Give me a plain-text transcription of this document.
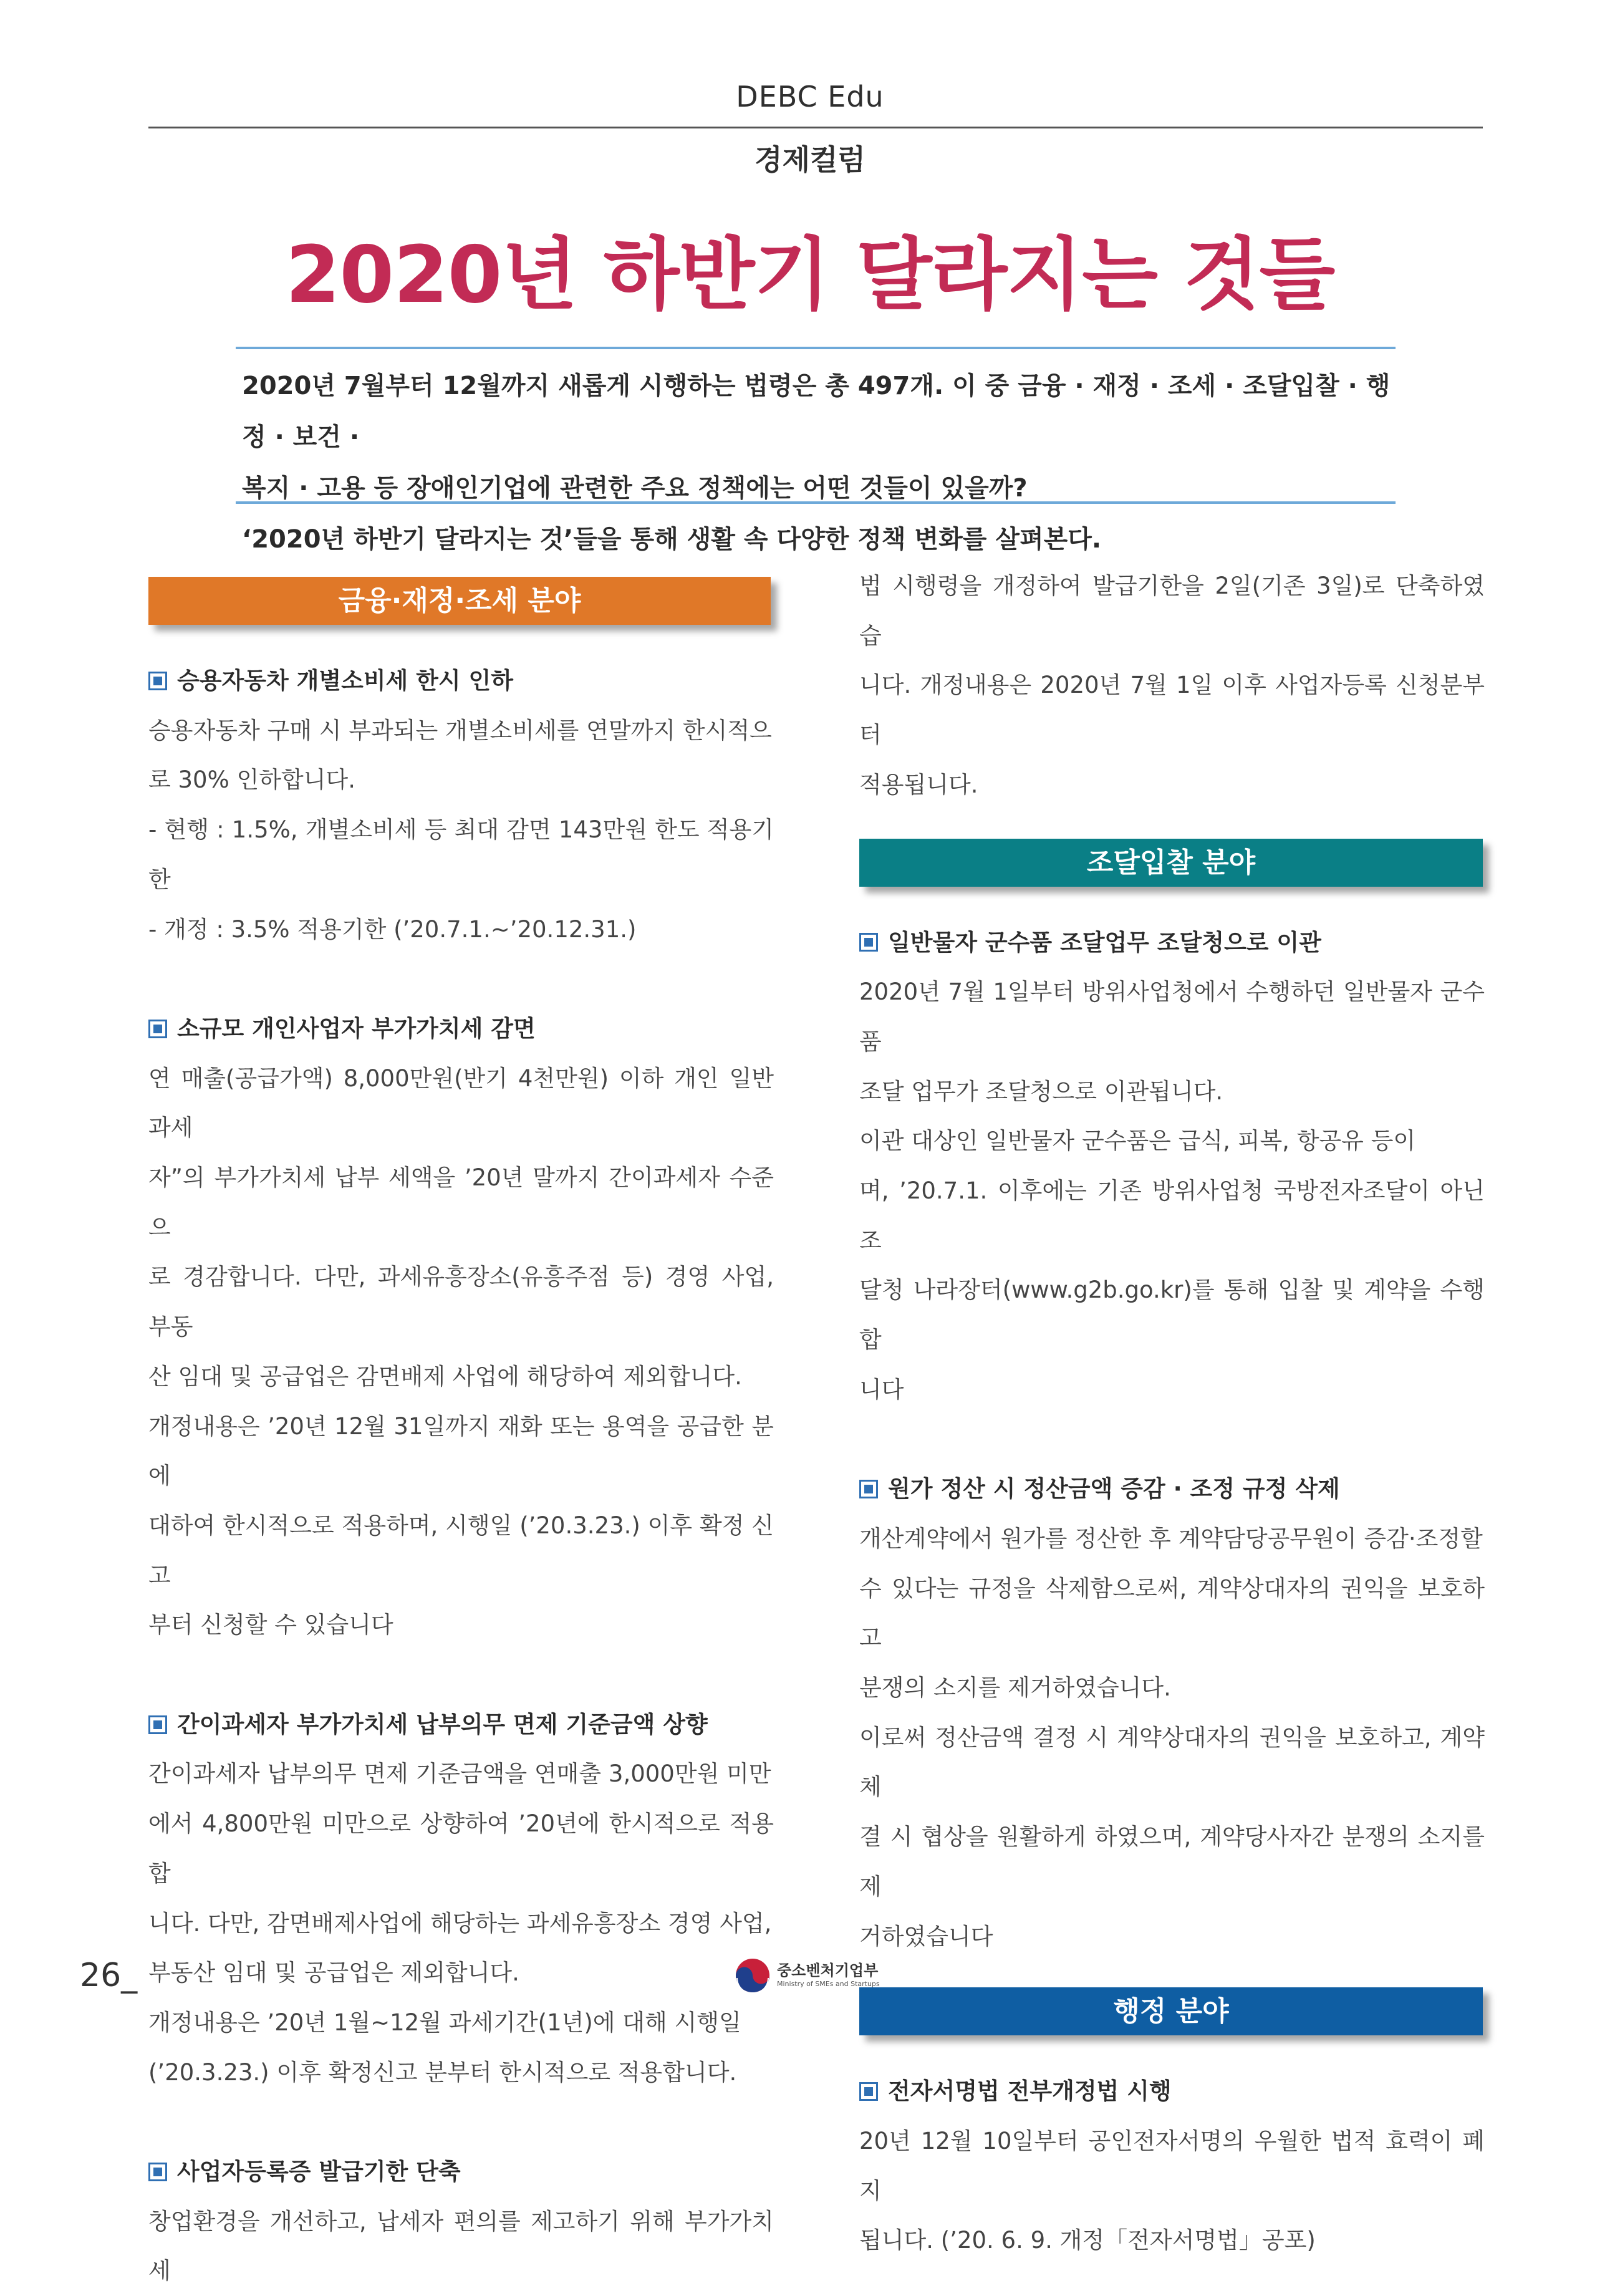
DEBC Edu
경제컬럼
2020년 하반기 달라지는 것들
2020년 7월부터 12월까지 새롭게 시행하는 법령은 총 497개. 이 중 금융 · 재정 · 조세 · 조달입찰 · 행정 · 보건 ·
복지 · 고용 등 장애인기업에 관련한 주요 정책에는 어떤 것들이 있을까?
‘2020년 하반기 달라지는 것’들을 통해 생활 속 다양한 정책 변화를 살펴본다.
금융·재정·조세 분야
승용자동차 개별소비세 한시 인하

승용자동차 구매 시 부과되는 개별소비세를 연말까지 한시적으

로 30% 인하합니다.

- 현행 : 1.5%, 개별소비세 등 최대 감면 143만원 한도 적용기한

- 개정 : 3.5% 적용기한 (’20.7.1.~’20.12.31.)

소규모 개인사업자 부가가치세 감면

연 매출(공급가액) 8,000만원(반기 4천만원) 이하 개인 일반과세

자”의 부가가치세 납부 세액을 ’20년 말까지 간이과세자 수준으

로 경감합니다. 다만, 과세유흥장소(유흥주점 등) 경영 사업, 부동

산 임대 및 공급업은 감면배제 사업에 해당하여 제외합니다.

개정내용은 ’20년 12월 31일까지 재화 또는 용역을 공급한 분에

대하여 한시적으로 적용하며, 시행일 (’20.3.23.) 이후 확정 신고

부터 신청할 수 있습니다

간이과세자 부가가치세 납부의무 면제 기준금액 상향

간이과세자 납부의무 면제 기준금액을 연매출 3,000만원 미만

에서 4,800만원 미만으로 상향하여 ’20년에 한시적으로 적용합

니다. 다만, 감면배제사업에 해당하는 과세유흥장소 경영 사업,

부동산 임대 및 공급업은 제외합니다.

개정내용은 ’20년 1월~12월 과세기간(1년)에 대해 시행일

(’20.3.23.) 이후 확정신고 분부터 한시적으로 적용합니다.

사업자등록증 발급기한 단축

창업환경을 개선하고, 납세자 편의를 제고하기 위해 부가가치세

법 시행령을 개정하여 발급기한을 2일(기존 3일)로 단축하였습

니다. 개정내용은 2020년 7월 1일 이후 사업자등록 신청분부터

적용됩니다.

조달입찰 분야
일반물자 군수품 조달업무 조달청으로 이관

2020년 7월 1일부터 방위사업청에서 수행하던 일반물자 군수품

조달 업무가 조달청으로 이관됩니다.

이관 대상인 일반물자 군수품은 급식, 피복, 항공유 등이

며, ’20.7.1. 이후에는 기존 방위사업청 국방전자조달이 아닌 조

달청 나라장터(www.g2b.go.kr)를 통해 입찰 및 계약을 수행합

니다

원가 정산 시 정산금액 증감 · 조정 규정 삭제

개산계약에서 원가를 정산한 후 계약담당공무원이 증감·조정할

수 있다는 규정을 삭제함으로써, 계약상대자의 권익을 보호하고

분쟁의 소지를 제거하였습니다.

이로써 정산금액 결정 시 계약상대자의 권익을 보호하고, 계약체

결 시 협상을 원활하게 하였으며, 계약당사자간 분쟁의 소지를 제

거하였습니다

행정 분야
전자서명법 전부개정법 시행

20년 12월 10일부터 공인전자서명의 우월한 법적 효력이 폐지

됩니다. (’20. 6. 9. 개정「전자서명법」공포)

26_	중소벤처기업부
Ministry of SMEs and Startups
